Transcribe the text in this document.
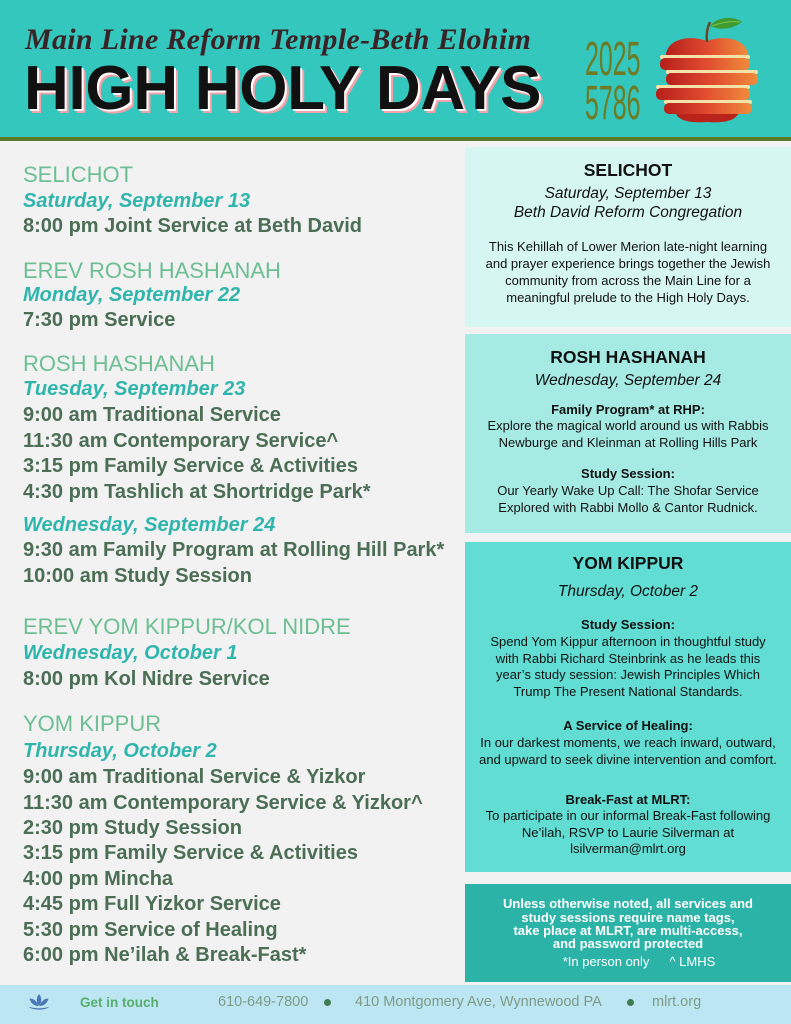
Main Line Reform Temple-Beth Elohim
HIGH HOLY DAYS 2025
5786
SELICHOT
Saturday, September 13
8:00 pm Joint Service at Beth David
EREV ROSH HASHANAH
Monday, September 22
7:30 pm Service
ROSH HASHANAH
Tuesday, September 23
9:00 am Traditional Service
11:30 am Contemporary Service^
3:15 pm Family Service & Activities
4:30 pm Tashlich at Shortridge Park*
Wednesday, September 24
9:30 am Family Program at Rolling Hill Park*
10:00 am Study Session
EREV YOM KIPPUR/KOL NIDRE
Wednesday, October 1
8:00 pm Kol Nidre Service
YOM KIPPUR
Thursday, October 2
9:00 am Traditional Service & Yizkor
11:30 am Contemporary Service & Yizkor^
2:30 pm Study Session
3:15 pm Family Service & Activities
4:00 pm Mincha
4:45 pm Full Yizkor Service
5:30 pm Service of Healing
6:00 pm Ne’ilah & Break-Fast*
SELICHOT
Saturday, September 13
Beth David Reform Congregation
This Kehillah of Lower Merion late-night learning
and prayer experience brings together the Jewish
community from across the Main Line for a
meaningful prelude to the High Holy Days.
ROSH HASHANAH
Wednesday, September 24
Family Program* at RHP:
Explore the magical world around us with Rabbis
Newburge and Kleinman at Rolling Hills Park
Study Session:
Our Yearly Wake Up Call: The Shofar Service
Explored with Rabbi Mollo & Cantor Rudnick.
YOM KIPPUR
Thursday, October 2
Study Session:
Spend Yom Kippur afternoon in thoughtful study
with Rabbi Richard Steinbrink as he leads this
year’s study session: Jewish Principles Which
Trump The Present National Standards.
A Service of Healing:
In our darkest moments, we reach inward, outward,
and upward to seek divine intervention and comfort.
Break-Fast at MLRT:
To participate in our informal Break-Fast following
Ne’ilah, RSVP to Laurie Silverman at
lsilverman@mlrt.org
Unless otherwise noted, all services and
study sessions require name tags,
take place at MLRT, are multi-access,
and password protected
*In person only ^ LMHS
Get in touch	610-649-7800	410 Montgomery Ave, Wynnewood PA	mlrt.org
